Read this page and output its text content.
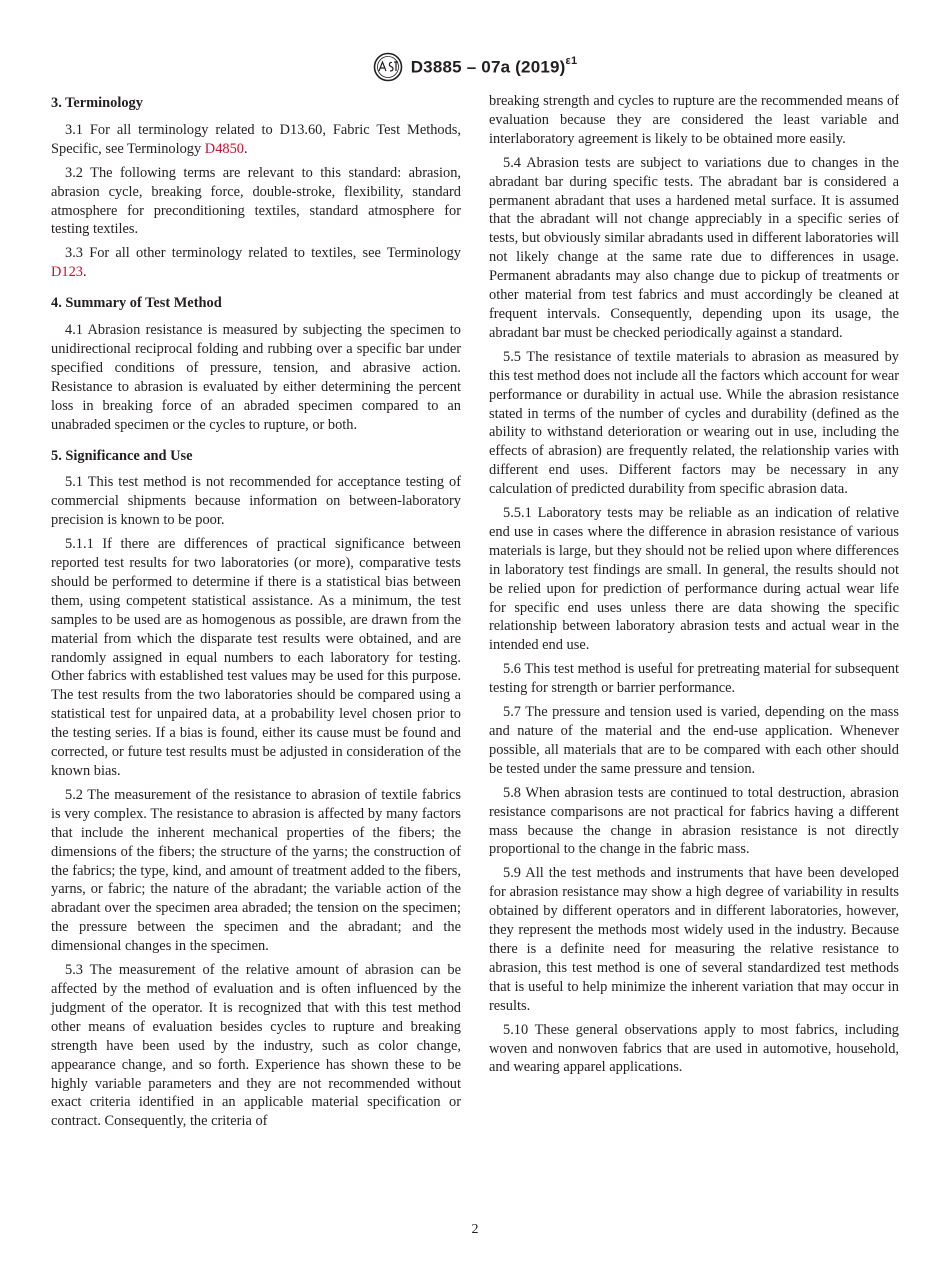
D3885 – 07a $(2019)^{\varepsilon 1}$
3. Terminology

3.1 For all terminology related to D13.60, Fabric Test Methods, Specific, see Terminology D4850.

3.2 The following terms are relevant to this standard: abrasion, abrasion cycle, breaking force, double-stroke, flexibility, standard atmosphere for preconditioning textiles, standard atmosphere for testing textiles.

3.3 For all other terminology related to textiles, see Terminology D123.

4. Summary of Test Method

4.1 Abrasion resistance is measured by subjecting the specimen to unidirectional reciprocal folding and rubbing over a specific bar under specified conditions of pressure, tension, and abrasive action. Resistance to abrasion is evaluated by either determining the percent loss in breaking force of an abraded specimen compared to an unabraded specimen or the cycles to rupture, or both.

5. Significance and Use

5.1 This test method is not recommended for acceptance testing of commercial shipments because information on between-laboratory precision is known to be poor.

5.1.1 If there are differences of practical significance between reported test results for two laboratories (or more), comparative tests should be performed to determine if there is a statistical bias between them, using competent statistical assistance. As a minimum, the test samples to be used are as homogenous as possible, are drawn from the material from which the disparate test results were obtained, and are randomly assigned in equal numbers to each laboratory for testing. Other fabrics with established test values may be used for this purpose. The test results from the two laboratories should be compared using a statistical test for unpaired data, at a probability level chosen prior to the testing series. If a bias is found, either its cause must be found and corrected, or future test results must be adjusted in consideration of the known bias.

5.2 The measurement of the resistance to abrasion of textile fabrics is very complex. The resistance to abrasion is affected by many factors that include the inherent mechanical properties of the fibers; the dimensions of the fibers; the structure of the yarns; the construction of the fabrics; the type, kind, and amount of treatment added to the fibers, yarns, or fabric; the nature of the abradant; the variable action of the abradant over the specimen area abraded; the tension on the specimen; the pressure between the specimen and the abradant; and the dimensional changes in the specimen.

5.3 The measurement of the relative amount of abrasion can be affected by the method of evaluation and is often influenced by the judgment of the operator. It is recognized that with this test method other means of evaluation besides cycles to rupture and breaking strength have been used by the industry, such as color change, appearance change, and so forth. Experience has shown these to be highly variable parameters and they are not recommended without exact criteria identified in an applicable material specification or contract. Consequently, the criteria of

breaking strength and cycles to rupture are the recommended means of evaluation because they are considered the least variable and interlaboratory agreement is likely to be obtained more easily.

5.4 Abrasion tests are subject to variations due to changes in the abradant bar during specific tests. The abradant bar is considered a permanent abradant that uses a hardened metal surface. It is assumed that the abradant will not change appreciably in a specific series of tests, but obviously similar abradants used in different laboratories will not likely change at the same rate due to differences in usage. Permanent abradants may also change due to pickup of treatments or other material from test fabrics and must accordingly be cleaned at frequent intervals. Consequently, depending upon its usage, the abradant bar must be checked periodically against a standard.

5.5 The resistance of textile materials to abrasion as measured by this test method does not include all the factors which account for wear performance or durability in actual use. While the abrasion resistance stated in terms of the number of cycles and durability (defined as the ability to withstand deterioration or wearing out in use, including the effects of abrasion) are frequently related, the relationship varies with different end uses. Different factors may be necessary in any calculation of predicted durability from specific abrasion data.

5.5.1 Laboratory tests may be reliable as an indication of relative end use in cases where the difference in abrasion resistance of various materials is large, but they should not be relied upon where differences in laboratory test findings are small. In general, the results should not be relied upon for prediction of performance during actual wear life for specific end uses unless there are data showing the specific relationship between laboratory abrasion tests and actual wear in the intended end use.

5.6 This test method is useful for pretreating material for subsequent testing for strength or barrier performance.

5.7 The pressure and tension used is varied, depending on the mass and nature of the material and the end-use application. Whenever possible, all materials that are to be compared with each other should be tested under the same pressure and tension.

5.8 When abrasion tests are continued to total destruction, abrasion resistance comparisons are not practical for fabrics having a different mass because the change in abrasion resistance is not directly proportional to the change in the fabric mass.

5.9 All the test methods and instruments that have been developed for abrasion resistance may show a high degree of variability in results obtained by different operators and in different laboratories, however, they represent the methods most widely used in the industry. Because there is a definite need for measuring the relative resistance to abrasion, this test method is one of several standardized test methods that is useful to help minimize the inherent variation that may occur in results.

5.10 These general observations apply to most fabrics, including woven and nonwoven fabrics that are used in automotive, household, and wearing apparel applications.

2
